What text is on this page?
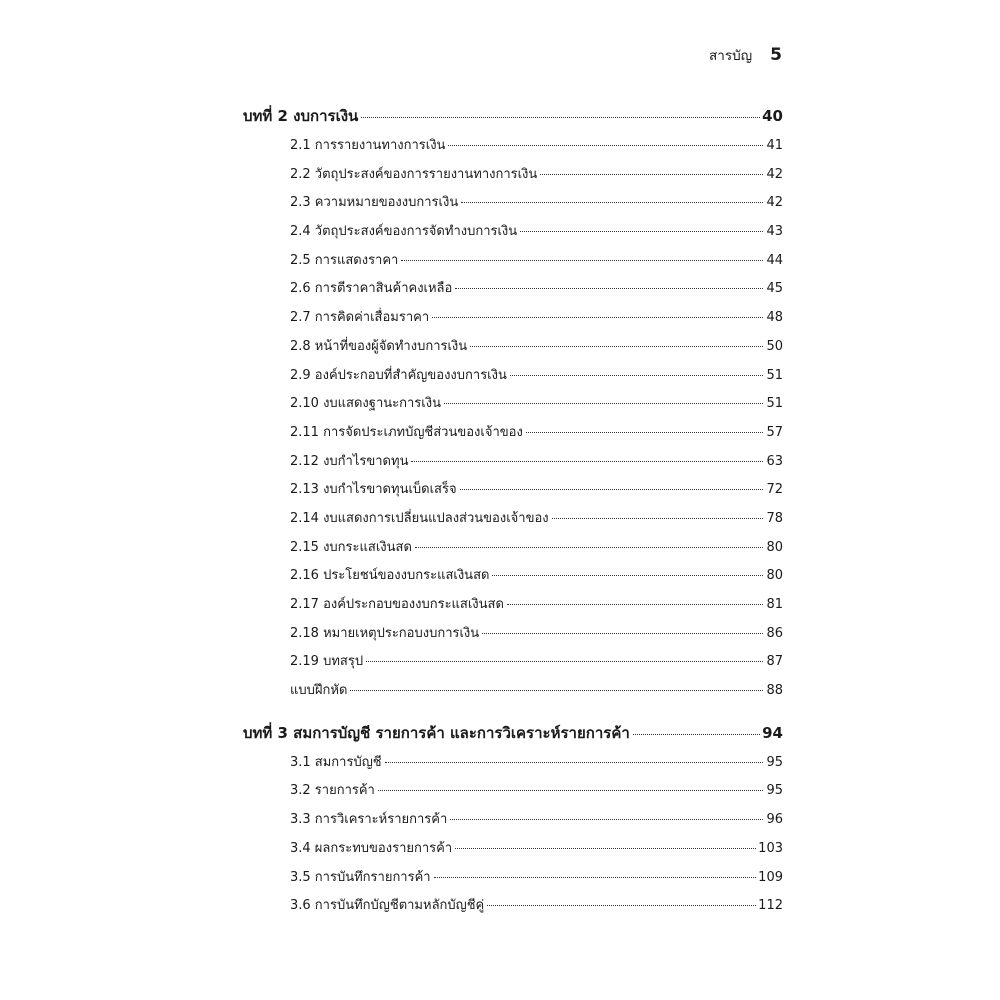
สารบัญ 5
บทที่ 2 งบการเงิน	40
2.1 การรายงานทางการเงิน	41
2.2 วัตถุประสงค์ของการรายงานทางการเงิน	42
2.3 ความหมายของงบการเงิน	42
2.4 วัตถุประสงค์ของการจัดทำงบการเงิน	43
2.5 การแสดงราคา	44
2.6 การตีราคาสินค้าคงเหลือ	45
2.7 การคิดค่าเสื่อมราคา	48
2.8 หน้าที่ของผู้จัดทำงบการเงิน	50
2.9 องค์ประกอบที่สำคัญของงบการเงิน	51
2.10 งบแสดงฐานะการเงิน	51
2.11 การจัดประเภทบัญชีส่วนของเจ้าของ	57
2.12 งบกำไรขาดทุน	63
2.13 งบกำไรขาดทุนเบ็ดเสร็จ	72
2.14 งบแสดงการเปลี่ยนแปลงส่วนของเจ้าของ	78
2.15 งบกระแสเงินสด	80
2.16 ประโยชน์ของงบกระแสเงินสด	80
2.17 องค์ประกอบของงบกระแสเงินสด	81
2.18 หมายเหตุประกอบงบการเงิน	86
2.19 บทสรุป	87
แบบฝึกหัด	88
บทที่ 3 สมการบัญชี รายการค้า และการวิเคราะห์รายการค้า	94
3.1 สมการบัญชี	95
3.2 รายการค้า	95
3.3 การวิเคราะห์รายการค้า	96
3.4 ผลกระทบของรายการค้า	103
3.5 การบันทึกรายการค้า	109
3.6 การบันทึกบัญชีตามหลักบัญชีคู่	112
